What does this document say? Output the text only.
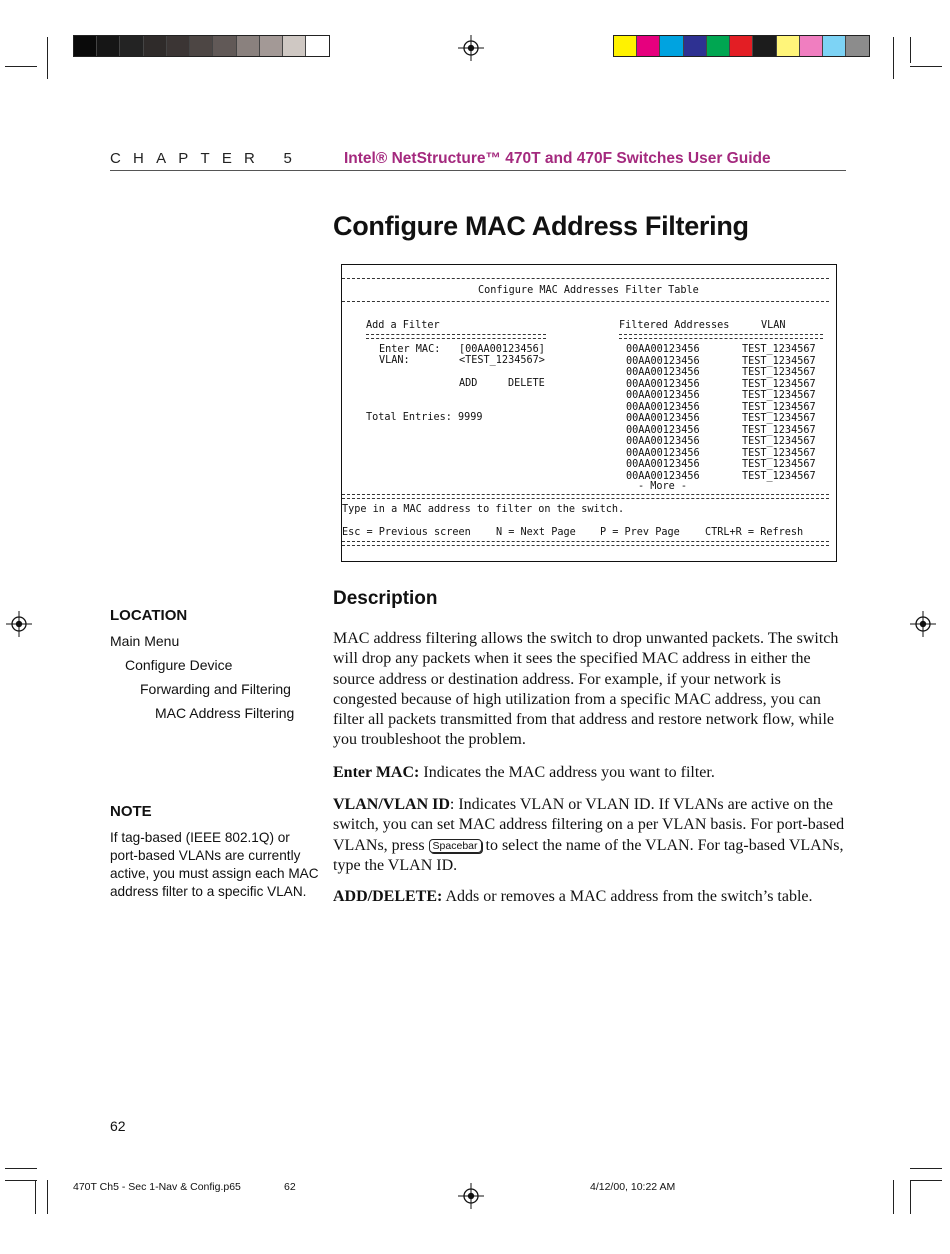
CHAPTER 5	Intel® NetStructure™ 470T and 470F Switches User Guide
Configure MAC Address Filtering
Configure MAC Addresses Filter Table
Add a Filter
Enter MAC: [00AA00123456]
VLAN:	<TEST_1234567>
ADD	DELETE
Total Entries: 9999
Filtered Addresses	VLAN
00AA00123456	TEST_1234567
00AA00123456	TEST_1234567
00AA00123456	TEST_1234567
00AA00123456	TEST_1234567
00AA00123456	TEST_1234567
00AA00123456	TEST_1234567
00AA00123456	TEST_1234567
00AA00123456	TEST_1234567
00AA00123456	TEST_1234567
00AA00123456	TEST_1234567
00AA00123456	TEST_1234567
00AA00123456	TEST_1234567
- More -
Type in a MAC address to filter on the switch.
Esc = Previous screen N = Next Page P = Prev Page CTRL+R = Refresh
LOCATION
Main Menu
Configure Device
Forwarding and Filtering
MAC Address Filtering
NOTE
If tag-based (IEEE 802.1Q) or port-based VLANs are currently active, you must assign each MAC address filter to a specific VLAN.
Description
MAC address filtering allows the switch to drop unwanted packets. The switch will drop any packets when it sees the specified MAC address in either the source address or destination address. For example, if your network is congested because of high utilization from a specific MAC address, you can filter all packets transmitted from that address and restore network flow, while you troubleshoot the problem.
Enter MAC: Indicates the MAC address you want to filter.
VLAN/VLAN ID: Indicates VLAN or VLAN ID. If VLANs are active on the switch, you can set MAC address filtering on a per VLAN basis. For port-based VLANs, press Spacebar to select the name of the VLAN. For tag-based VLANs, type the VLAN ID.
ADD/DELETE: Adds or removes a MAC address from the switch’s table.
62
470T Ch5 - Sec 1-Nav & Config.p65	62	4/12/00, 10:22 AM
